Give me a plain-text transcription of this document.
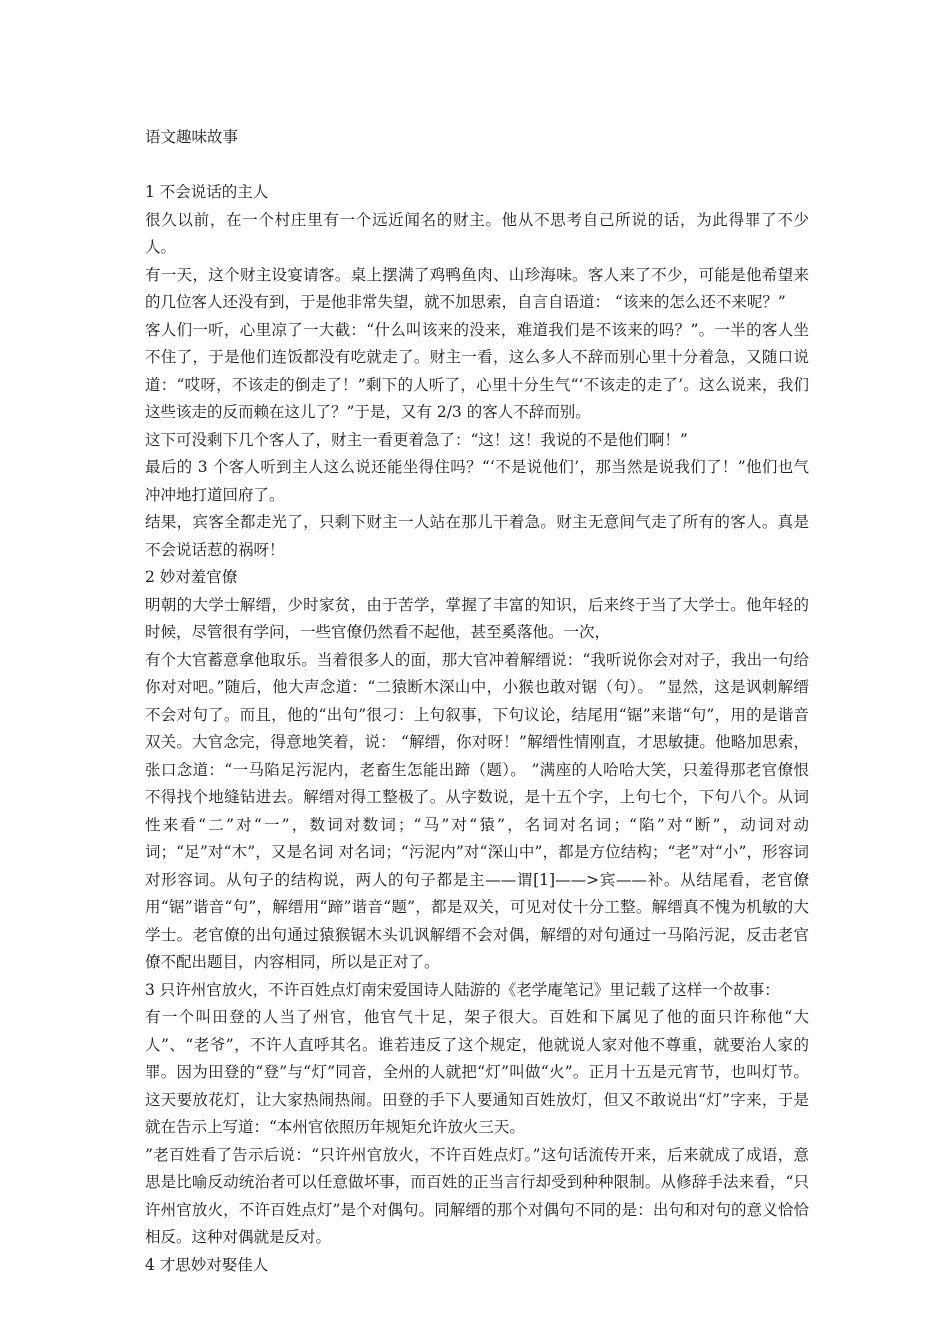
语文趣味故事

1 不会说话的主人

很久以前，在一个村庄里有一个远近闻名的财主。他从不思考自己所说的话，为此得罪了不少人。

有一天，这个财主设宴请客。桌上摆满了鸡鸭鱼肉、山珍海味。客人来了不少，可能是他希望来的几位客人还没有到，于是他非常失望，就不加思索，自言自语道： “该来的怎么还不来呢？”

客人们一听，心里凉了一大截：“什么叫该来的没来，难道我们是不该来的吗？”。一半的客人坐不住了，于是他们连饭都没有吃就走了。财主一看，这么多人不辞而别心里十分着急，又随口说道：“哎呀，不该走的倒走了！”剩下的人听了，心里十分生气“‘不该走的走了’。这么说来，我们这些该走的反而赖在这儿了？”于是，又有 2/3 的客人不辞而别。

这下可没剩下几个客人了，财主一看更着急了：“这！这！我说的不是他们啊！”

最后的 3 个客人听到主人这么说还能坐得住吗？“‘不是说他们’，那当然是说我们了！”他们也气冲冲地打道回府了。

结果，宾客全都走光了，只剩下财主一人站在那儿干着急。财主无意间气走了所有的客人。真是不会说话惹的祸呀！

2 妙对羞官僚

明朝的大学士解缙，少时家贫，由于苦学，掌握了丰富的知识，后来终于当了大学士。他年轻的时候，尽管很有学问，一些官僚仍然看不起他，甚至奚落他。一次，

有个大官蓄意拿他取乐。当着很多人的面，那大官冲着解缙说：“我听说你会对对子，我出一句给你对对吧。”随后，他大声念道：“二猿断木深山中，小猴也敢对锯（句）。 ”显然，这是讽刺解缙不会对句了。而且，他的“出句”很刁：上句叙事，下句议论，结尾用“锯”来谐“句”，用的是谐音双关。大官念完，得意地笑着，说： “解缙，你对呀！”解缙性情刚直，才思敏捷。他略加思索，张口念道：“一马陷足污泥内，老畜生怎能出蹄（题）。 ”满座的人哈哈大笑，只羞得那老官僚恨不得找个地缝钻进去。解缙对得工整极了。从字数说，是十五个字，上句七个，下句八个。从词性来看“二”对“一”，数词对数词；“马”对“猿”，名词对名词；“陷”对“断”，动词对动词；“足”对“木”，又是名词 对名词；“污泥内”对“深山中”，都是方位结构；“老”对“小”，形容词对形容词。从句子的结构说，两人的句子都是主——谓[1]——>宾——补。从结尾看，老官僚用“锯”谐音“句”，解缙用“蹄”谐音“题”，都是双关，可见对仗十分工整。解缙真不愧为机敏的大学士。老官僚的出句通过猿猴锯木头讥讽解缙不会对偶，解缙的对句通过一马陷污泥，反击老官僚不配出题目，内容相同，所以是正对了。

3 只许州官放火，不许百姓点灯南宋爱国诗人陆游的《老学庵笔记》里记载了这样一个故事：

有一个叫田登的人当了州官，他官气十足，架子很大。百姓和下属见了他的面只许称他“大人”、“老爷”，不许人直呼其名。谁若违反了这个规定，他就说人家对他不尊重，就要治人家的罪。因为田登的“登”与“灯”同音，全州的人就把“灯”叫做“火”。正月十五是元宵节，也叫灯节。这天要放花灯，让大家热闹热闹。田登的手下人要通知百姓放灯，但又不敢说出“灯”字来，于是就在告示上写道：“本州官依照历年规矩允许放火三天。

”老百姓看了告示后说：“只许州官放火，不许百姓点灯。”这句话流传开来，后来就成了成语，意思是比喻反动统治者可以任意做坏事，而百姓的正当言行却受到种种限制。从修辞手法来看，“只许州官放火，不许百姓点灯”是个对偶句。同解缙的那个对偶句不同的是：出句和对句的意义恰恰相反。这种对偶就是反对。

4 才思妙对娶佳人
